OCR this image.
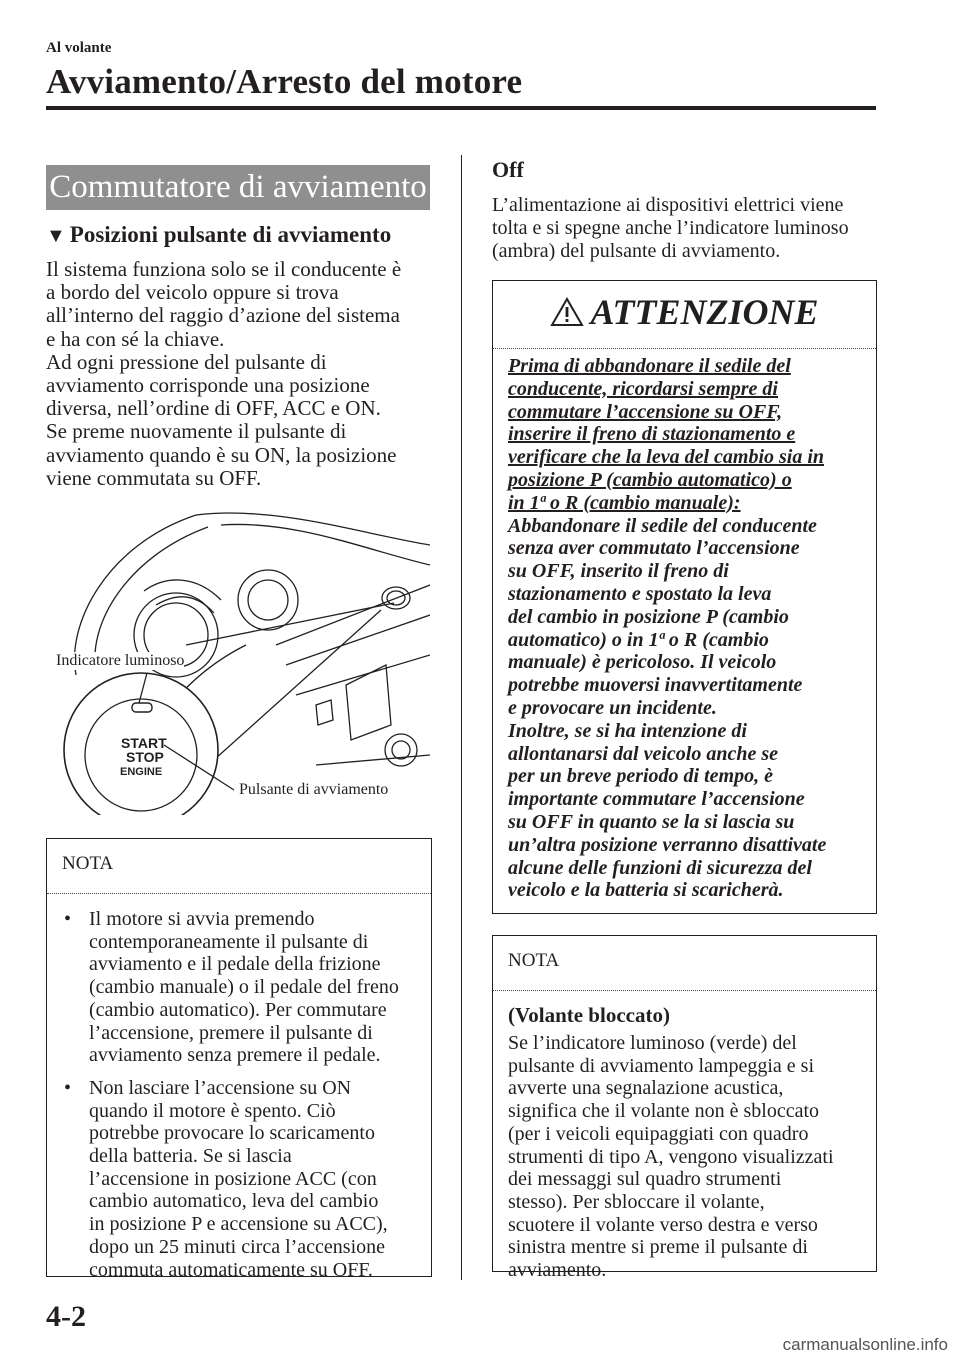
Al volante
Avviamento/Arresto del motore
Commutatore di avviamento
▼ Posizioni pulsante di avviamento
Il sistema funziona solo se il conducente è
a bordo del veicolo oppure si trova
all’interno del raggio d’azione del sistema
e ha con sé la chiave.
Ad ogni pressione del pulsante di
avviamento corrisponde una posizione
diversa, nell’ordine di OFF, ACC e ON.
Se preme nuovamente il pulsante di
avviamento quando è su ON, la posizione
viene commutata su OFF.
START
STOP
ENGINE
Indicatore luminoso
Pulsante di avviamento
NOTA
• Il motore si avvia premendo
contemporaneamente il pulsante di
avviamento e il pedale della frizione
(cambio manuale) o il pedale del freno
(cambio automatico). Per commutare
l’accensione, premere il pulsante di
avviamento senza premere il pedale.
• Non lasciare l’accensione su ON
quando il motore è spento. Ciò
potrebbe provocare lo scaricamento
della batteria. Se si lascia
l’accensione in posizione ACC (con
cambio automatico, leva del cambio
in posizione P e accensione su ACC),
dopo un 25 minuti circa l’accensione
commuta automaticamente su OFF.
Off
L’alimentazione ai dispositivi elettrici viene
tolta e si spegne anche l’indicatore luminoso
(ambra) del pulsante di avviamento.
ATTENZIONE
Prima di abbandonare il sedile del
conducente, ricordarsi sempre di
commutare l’accensione su OFF,
inserire il freno di stazionamento e
verificare che la leva del cambio sia in
posizione P (cambio automatico) o
in 1ª o R (cambio manuale):
Abbandonare il sedile del conducente
senza aver commutato l’accensione
su OFF, inserito il freno di
stazionamento e spostato la leva
del cambio in posizione P (cambio
automatico) o in 1ª o R (cambio
manuale) è pericoloso. Il veicolo
potrebbe muoversi inavvertitamente
e provocare un incidente.
Inoltre, se si ha intenzione di
allontanarsi dal veicolo anche se
per un breve periodo di tempo, è
importante commutare l’accensione
su OFF in quanto se la si lascia su
un’altra posizione verranno disattivate
alcune delle funzioni di sicurezza del
veicolo e la batteria si scaricherà.
NOTA
(Volante bloccato)
Se l’indicatore luminoso (verde) del
pulsante di avviamento lampeggia e si
avverte una segnalazione acustica,
significa che il volante non è sbloccato
(per i veicoli equipaggiati con quadro
strumenti di tipo A, vengono visualizzati
dei messaggi sul quadro strumenti
stesso). Per sbloccare il volante,
scuotere il volante verso destra e verso
sinistra mentre si preme il pulsante di
avviamento.
4-2
carmanualsonline.info
